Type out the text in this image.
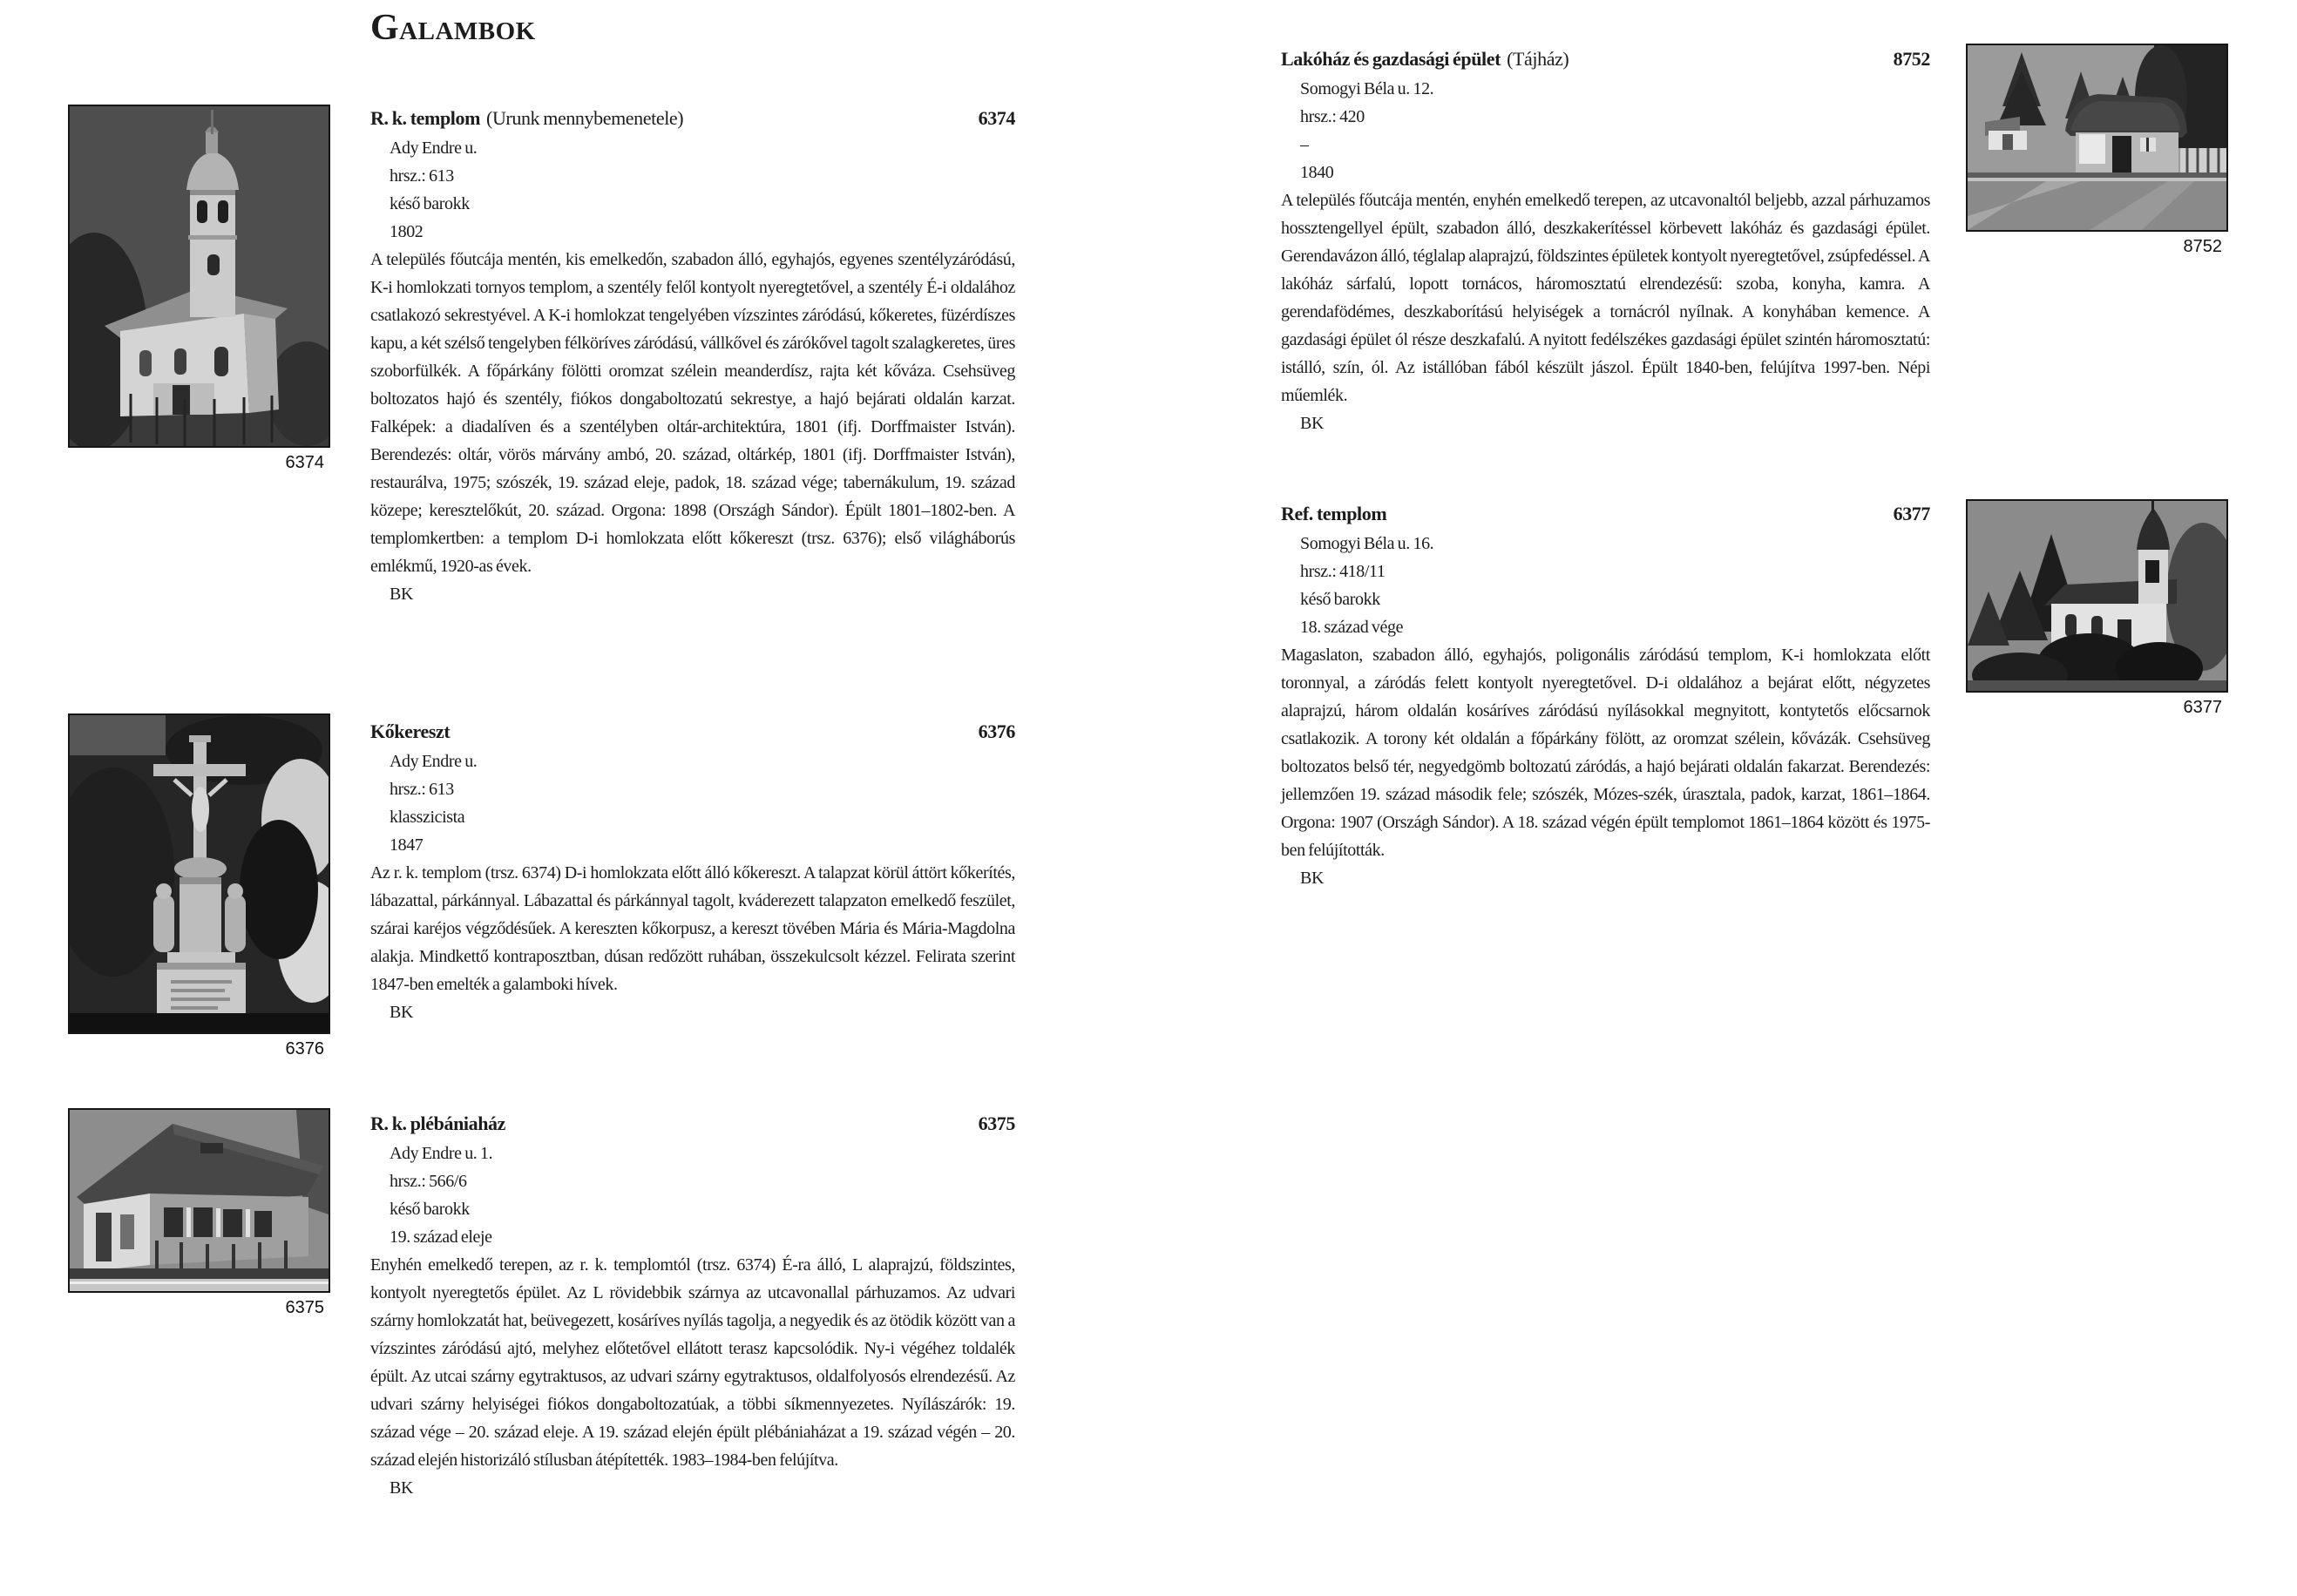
Galambok
6374
6376
6375
8752
6377
R. k. templom (Urunk mennybemenetele)	6374
Ady Endre u.
hrsz.: 613
késő barokk
1802

A település főutcája mentén, kis emelkedőn, szabadon álló, egyhajós, egyenes szentélyzáródású, K-i homlokzati tornyos templom, a szentély felől kontyolt nyeregtetővel, a szentély É-i oldalához csatlakozó sekrestyével. A K-i homlokzat tengelyében vízszintes záródású, kőkeretes, füzérdíszes kapu, a két szélső tengelyben félköríves záródású, vállkővel és zárókővel tagolt szalagkeretes, üres szoborfülkék. A főpárkány fölötti oromzat szélein meanderdísz, rajta két kőváza. Csehsüveg boltozatos hajó és szentély, fiókos dongaboltozatú sekrestye, a hajó bejárati oldalán karzat. Falképek: a diadalíven és a szentélyben oltár-architektúra, 1801 (ifj. Dorffmaister István). Berendezés: oltár, vörös márvány ambó, 20. század, oltárkép, 1801 (ifj. Dorffmaister István), restaurálva, 1975; szószék, 19. század eleje, padok, 18. század vége; tabernákulum, 19. század közepe; keresztelőkút, 20. század. Orgona: 1898 (Országh Sándor). Épült 1801–1802-ben. A templomkertben: a templom D-i homlokzata előtt kőkereszt (trsz. 6376); első világháborús emlékmű, 1920-as évek.

BK
Kőkereszt	6376
Ady Endre u.
hrsz.: 613
klasszicista
1847

Az r. k. templom (trsz. 6374) D-i homlokzata előtt álló kőkereszt. A talapzat körül áttört kőkerítés, lábazattal, párkánnyal. Lábazattal és párkánnyal tagolt, kváderezett talapzaton emelkedő feszület, szárai karéjos végződésűek. A kereszten kőkorpusz, a kereszt tövében Mária és Mária-Magdolna alakja. Mindkettő kontraposztban, dúsan redőzött ruhában, összekulcsolt kézzel. Felirata szerint 1847-ben emelték a galamboki hívek.

BK
R. k. plébániaház	6375
Ady Endre u. 1.
hrsz.: 566/6
késő barokk
19. század eleje

Enyhén emelkedő terepen, az r. k. templomtól (trsz. 6374) É-ra álló, L alaprajzú, földszintes, kontyolt nyeregtetős épület. Az L rövidebbik szárnya az utcavonallal párhuzamos. Az udvari szárny homlokzatát hat, beüvegezett, kosáríves nyílás tagolja, a negyedik és az ötödik között van a vízszintes záródású ajtó, melyhez előtetővel ellátott terasz kapcsolódik. Ny-i végéhez toldalék épült. Az utcai szárny egytraktusos, az udvari szárny egytraktusos, oldalfolyosós elrendezésű. Az udvari szárny helyiségei fiókos dongaboltozatúak, a többi síkmennyezetes. Nyílászárók: 19. század vége – 20. század eleje. A 19. század elején épült plébániaházat a 19. század végén – 20. század elején historizáló stílusban átépítették. 1983–1984-ben felújítva.

BK
Lakóház és gazdasági épület (Tájház)	8752
Somogyi Béla u. 12.
hrsz.: 420
–
1840

A település főutcája mentén, enyhén emelkedő terepen, az utcavonaltól beljebb, azzal párhuzamos hossztengellyel épült, szabadon álló, deszkakerítéssel körbevett lakóház és gazdasági épület. Gerendavázon álló, téglalap alaprajzú, földszintes épületek kontyolt nyeregtetővel, zsúpfedéssel. A lakóház sárfalú, lopott tornácos, háromosztatú elrendezésű: szoba, konyha, kamra. A gerendafödémes, deszkaborítású helyiségek a tornácról nyílnak. A konyhában kemence. A gazdasági épület ól része deszkafalú. A nyitott fedélszékes gazdasági épület szintén háromosztatú: istálló, szín, ól. Az istállóban fából készült jászol. Épült 1840-ben, felújítva 1997-ben. Népi műemlék.

BK
Ref. templom	6377
Somogyi Béla u. 16.
hrsz.: 418/11
késő barokk
18. század vége

Magaslaton, szabadon álló, egyhajós, poligonális záródású templom, K-i homlokzata előtt toronnyal, a záródás felett kontyolt nyeregtetővel. D-i oldalához a bejárat előtt, négyzetes alaprajzú, három oldalán kosáríves záródású nyílásokkal megnyitott, kontytetős előcsarnok csatlakozik. A torony két oldalán a főpárkány fölött, az oromzat szélein, kővázák. Csehsüveg boltozatos belső tér, negyedgömb boltozatú záródás, a hajó bejárati oldalán fakarzat. Berendezés: jellemzően 19. század második fele; szószék, Mózes-szék, úrasztala, padok, karzat, 1861–1864. Orgona: 1907 (Országh Sándor). A 18. század végén épült templomot 1861–1864 között és 1975-ben felújították.

BK
